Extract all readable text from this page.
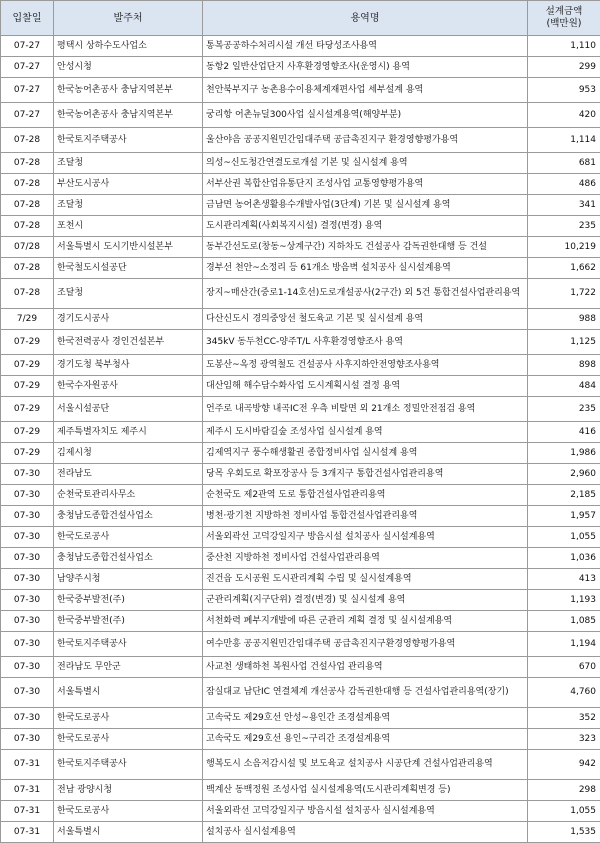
입찰일	발주처	용역명	설계금액
(백만원)
07-27	평택시 상하수도사업소	통복공공하수처리시설 개선 타당성조사용역	1,110
07-27	안성시청	동항2 일반산업단지 사후환경영향조사(운영시) 용역	299
07-27	한국농어촌공사 충남지역본부	천안북부지구 농촌용수이용체계재편사업 세부설계 용역	953
07-27	한국농어촌공사 충남지역본부	궁리항 어촌뉴딜300사업 실시설계용역(해양부분)	420
07-28	한국토지주택공사	울산야음 공공지원민간임대주택 공급촉진지구 환경영향평가용역	1,114
07-28	조달청	의성~신도청간연결도로개설 기본 및 실시설계 용역	681
07-28	부산도시공사	서부산권 복합산업유통단지 조성사업 교통영향평가용역	486
07-28	조달청	금남면 농어촌생활용수개발사업(3단계) 기본 및 실시설계 용역	341
07-28	포천시	도시관리계획(사회복지시설) 결정(변경) 용역	235
07/28	서울특별시 도시기반시설본부	동부간선도로(창동~상계구간) 지하차도 건설공사 감독권한대행 등 건설	10,219
07-28	한국철도시설공단	경부선 천안~소정리 등 61개소 방음벽 설치공사 실시설계용역	1,662
07-28	조달청	장지~매산간(중로1-14호선)도로개설공사(2구간) 외 5건 통합건설사업관리용역	1,722
7/29	경기도시공사	다산신도시 경의중앙선 철도육교 기본 및 실시설계 용역	988
07-29	한국전력공사 경인건설본부	345kV 동두천CC-양주T/L 사후환경영향조사 용역	1,125
07-29	경기도청 북부청사	도봉산~옥정 광역철도 건설공사 사후지하안전영향조사용역	898
07-29	한국수자원공사	대산임해 해수담수화사업 도시계획시설 결정 용역	484
07-29	서울시설공단	언주로 내곡방향 내곡IC전 우측 비탈면 외 21개소 정밀안전점검 용역	235
07-29	제주특별자치도 제주시	제주시 도시바람길숲 조성사업 실시설계 용역	416
07-29	김제시청	김제역지구 풍수해생활권 종합정비사업 실시설계 용역	1,986
07-30	전라남도	당목 우회도로 확포장공사 등 3개지구 통합건설사업관리용역	2,960
07-30	순천국토관리사무소	순천국도 제2관역 도로 통합건설사업관리용역	2,185
07-30	충청남도종합건설사업소	병천·광기천 지방하천 정비사업 통합건설사업관리용역	1,957
07-30	한국도로공사	서울외곽선 고덕강일지구 방음시설 설치공사 실시설계용역	1,055
07-30	충청남도종합건설사업소	중산천 지방하천 정비사업 건설사업관리용역	1,036
07-30	남양주시청	진건읍 도시공원 도시관리계획 수립 및 실시설계용역	413
07-30	한국중부발전(주)	군관리계획(지구단위) 결정(변경) 및 실시설계 용역	1,193
07-30	한국중부발전(주)	서천화력 폐부지개발에 따른 군관리 계획 결정 및 실시설계용역	1,085
07-30	한국토지주택공사	여수만흥 공공지원민간임대주택 공급촉진지구환경영향평가용역	1,194
07-30	전라남도 무안군	사교천 생태하천 복원사업 건설사업 관리용역	670
07-30	서울특별시	잠실대교 남단IC 연결체계 개선공사 감독권한대행 등 건설사업관리용역(장기)	4,760
07-30	한국도로공사	고속국도 제29호선 안성~용인간 조경설계용역	352
07-30	한국도로공사	고속국도 제29호선 용인~구리간 조경설계용역	323
07-31	한국토지주택공사	행복도시 소음저감시설 및 보도육교 설치공사 시공단계 건설사업관리용역	942
07-31	전남 광양시청	백계산 동백정원 조성사업 실시설계용역(도시관리계획변경 등)	298
07-31	한국도로공사	서울외곽선 고덕강일지구 방음시설 설치공사 실시설계용역	1,055
07-31	서울특별시	설치공사 실시설계용역	1,535
